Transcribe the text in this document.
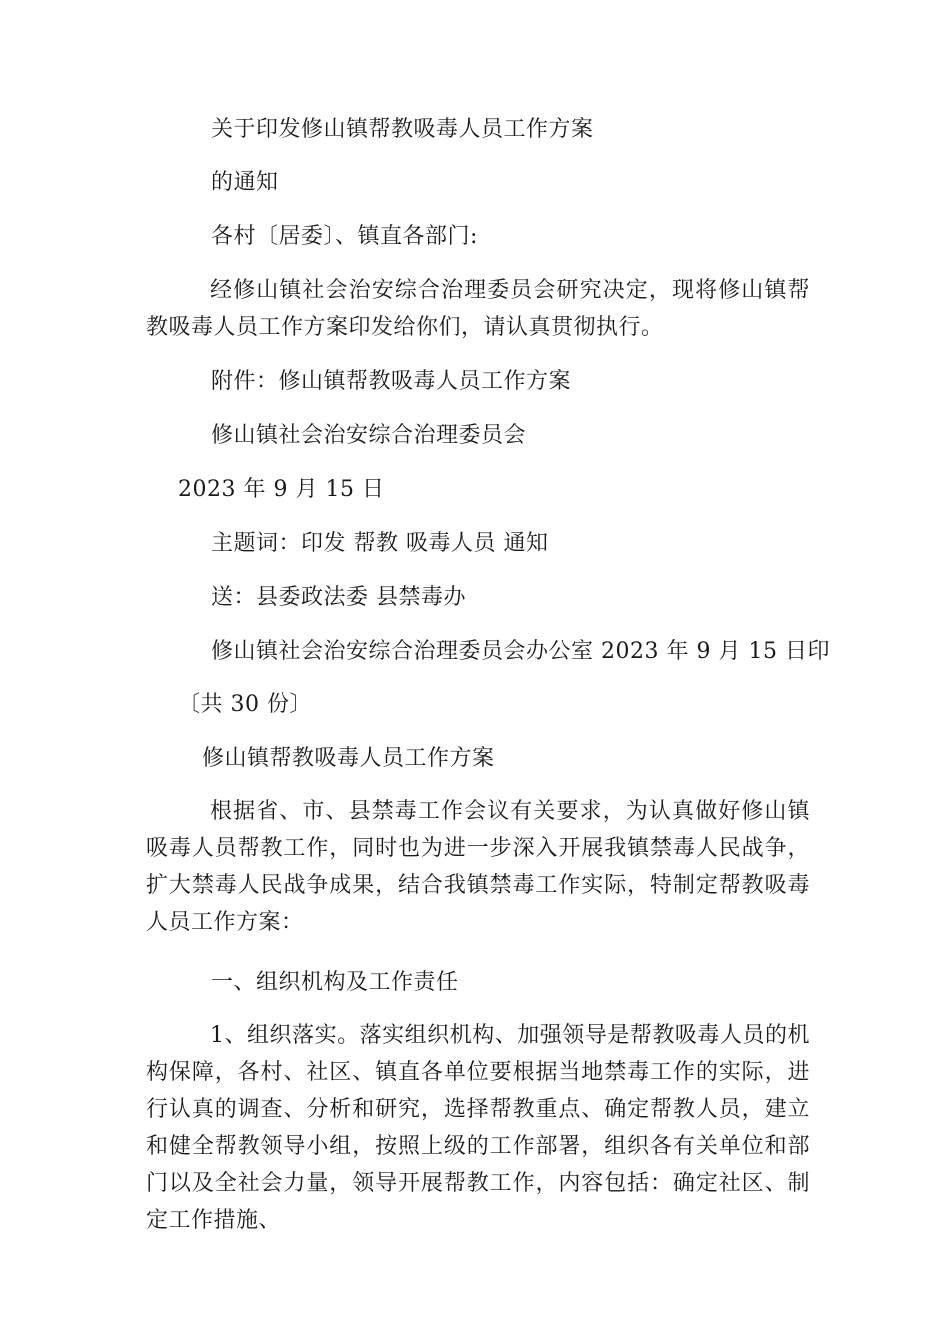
关于印发修山镇帮教吸毒人员工作方案
的通知
各村〔居委〕、镇直各部门:
经修山镇社会治安综合治理委员会研究决定，现将修山镇帮教吸毒人员工作方案印发给你们，请认真贯彻执行。
附件：修山镇帮教吸毒人员工作方案
修山镇社会治安综合治理委员会
2023 年 9 月 15 日
主题词：印发 帮教 吸毒人员 通知
送：县委政法委 县禁毒办
修山镇社会治安综合治理委员会办公室 2023 年 9 月 15 日印
〔共 30 份〕
修山镇帮教吸毒人员工作方案
根据省、市、县禁毒工作会议有关要求，为认真做好修山镇吸毒人员帮教工作，同时也为进一步深入开展我镇禁毒人民战争，扩大禁毒人民战争成果，结合我镇禁毒工作实际，特制定帮教吸毒人员工作方案：
一、组织机构及工作责任
1、组织落实。落实组织机构、加强领导是帮教吸毒人员的机构保障，各村、社区、镇直各单位要根据当地禁毒工作的实际，进行认真的调查、分析和研究，选择帮教重点、确定帮教人员，建立和健全帮教领导小组，按照上级的工作部署，组织各有关单位和部门以及全社会力量，领导开展帮教工作，内容包括：确定社区、制定工作措施、
